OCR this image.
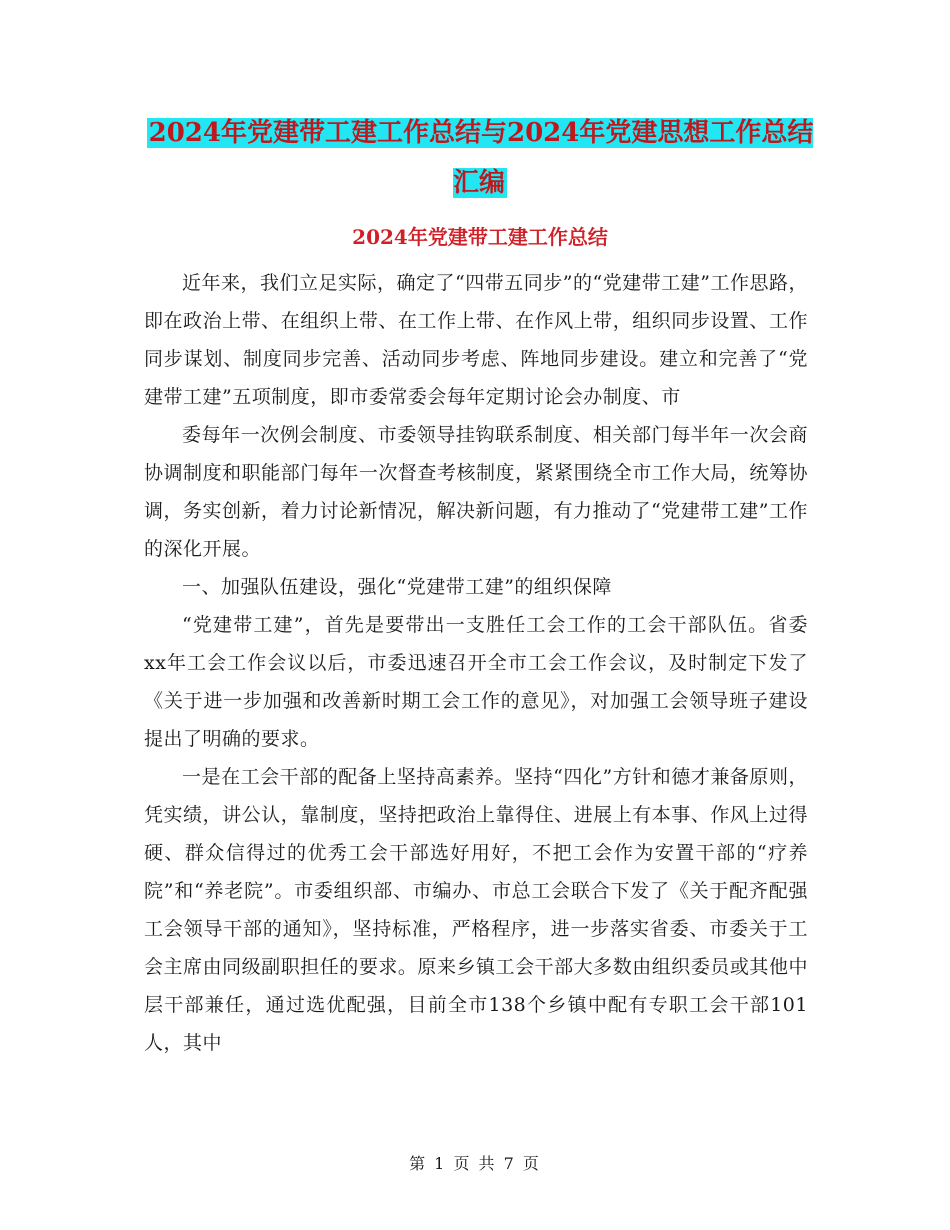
2024年党建带工建工作总结与2024年党建思想工作总结汇编
2024年党建带工建工作总结

近年来，我们立足实际，确定了“四带五同步”的“党建带工建”工作思路，即在政治上带、在组织上带、在工作上带、在作风上带，组织同步设置、工作同步谋划、制度同步完善、活动同步考虑、阵地同步建设。建立和完善了“党建带工建”五项制度，即市委常委会每年定期讨论会办制度、市

委每年一次例会制度、市委领导挂钩联系制度、相关部门每半年一次会商协调制度和职能部门每年一次督查考核制度，紧紧围绕全市工作大局，统筹协调，务实创新，着力讨论新情况，解决新问题，有力推动了“党建带工建”工作的深化开展。

一、加强队伍建设，强化“党建带工建”的组织保障

“党建带工建”，首先是要带出一支胜任工会工作的工会干部队伍。省委xx年工会工作会议以后，市委迅速召开全市工会工作会议，及时制定下发了《关于进一步加强和改善新时期工会工作的意见》，对加强工会领导班子建设提出了明确的要求。

一是在工会干部的配备上坚持高素养。坚持“四化”方针和德才兼备原则，凭实绩，讲公认，靠制度，坚持把政治上靠得住、进展上有本事、作风上过得硬、群众信得过的优秀工会干部选好用好，不把工会作为安置干部的“疗养院”和“养老院”。市委组织部、市编办、市总工会联合下发了《关于配齐配强工会领导干部的通知》，坚持标准，严格程序，进一步落实省委、市委关于工会主席由同级副职担任的要求。原来乡镇工会干部大多数由组织委员或其他中层干部兼任，通过选优配强，目前全市138个乡镇中配有专职工会干部101人，其中

第 1 页 共 7 页
